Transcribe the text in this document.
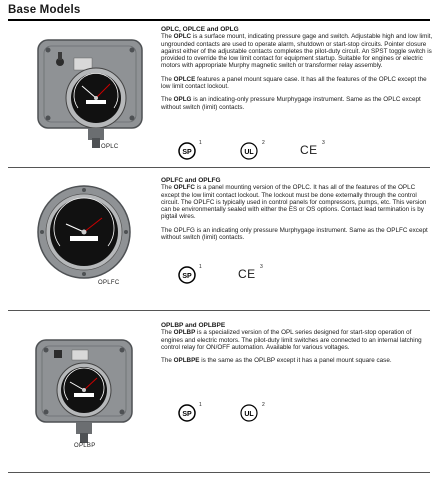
Base Models
OPLC
OPLC, OPLCE and OPLG

The OPLC is a surface mount, indicating pressure gage and switch. Adjustable high and low limit, ungrounded contacts are used to operate alarm, shutdown or start-stop circuits. Pointer closure against either of the adjustable contacts completes the pilot-duty circuit. An SPST toggle switch is provided to override the low limit contact for equipment startup. Suitable for engines or electric motors with appropriate Murphy magnetic switch or transformer relay assembly.

The OPLCE features a panel mount square case. It has all the features of the OPLC except the low limit contact lockout.

The OPLG is an indicating-only pressure Murphygage instrument. Same as the OPLC except without switch (limit) contacts.

SP
1
UL
2	CE 3
OPLFC
OPLFC and OPLFG

The OPLFC is a panel mounting version of the OPLC. It has all of the features of the OPLC except the low limit contact lockout. The lockout must be done externally through the control circuit. The OPLFC is typically used in control panels for compressors, pumps, etc. This version can be environmentally sealed with either the ES or OS options. Contact lead termination is by pigtail wires.

The OPLFG is an indicating only pressure Murphygage instrument. Same as the OPLFC except without switch (limit) contacts.

SP
1	CE 3
OPLBP
OPLBP and OPLBPE

The OPLBP is a specialized version of the OPL series designed for start-stop operation of engines and electric motors. The pilot-duty limit switches are connected to an internal latching control relay for ON/OFF automation. Available for various voltages.

The OPLBPE is the same as the OPLBP except it has a panel mount square case.

SP
1
UL
2
